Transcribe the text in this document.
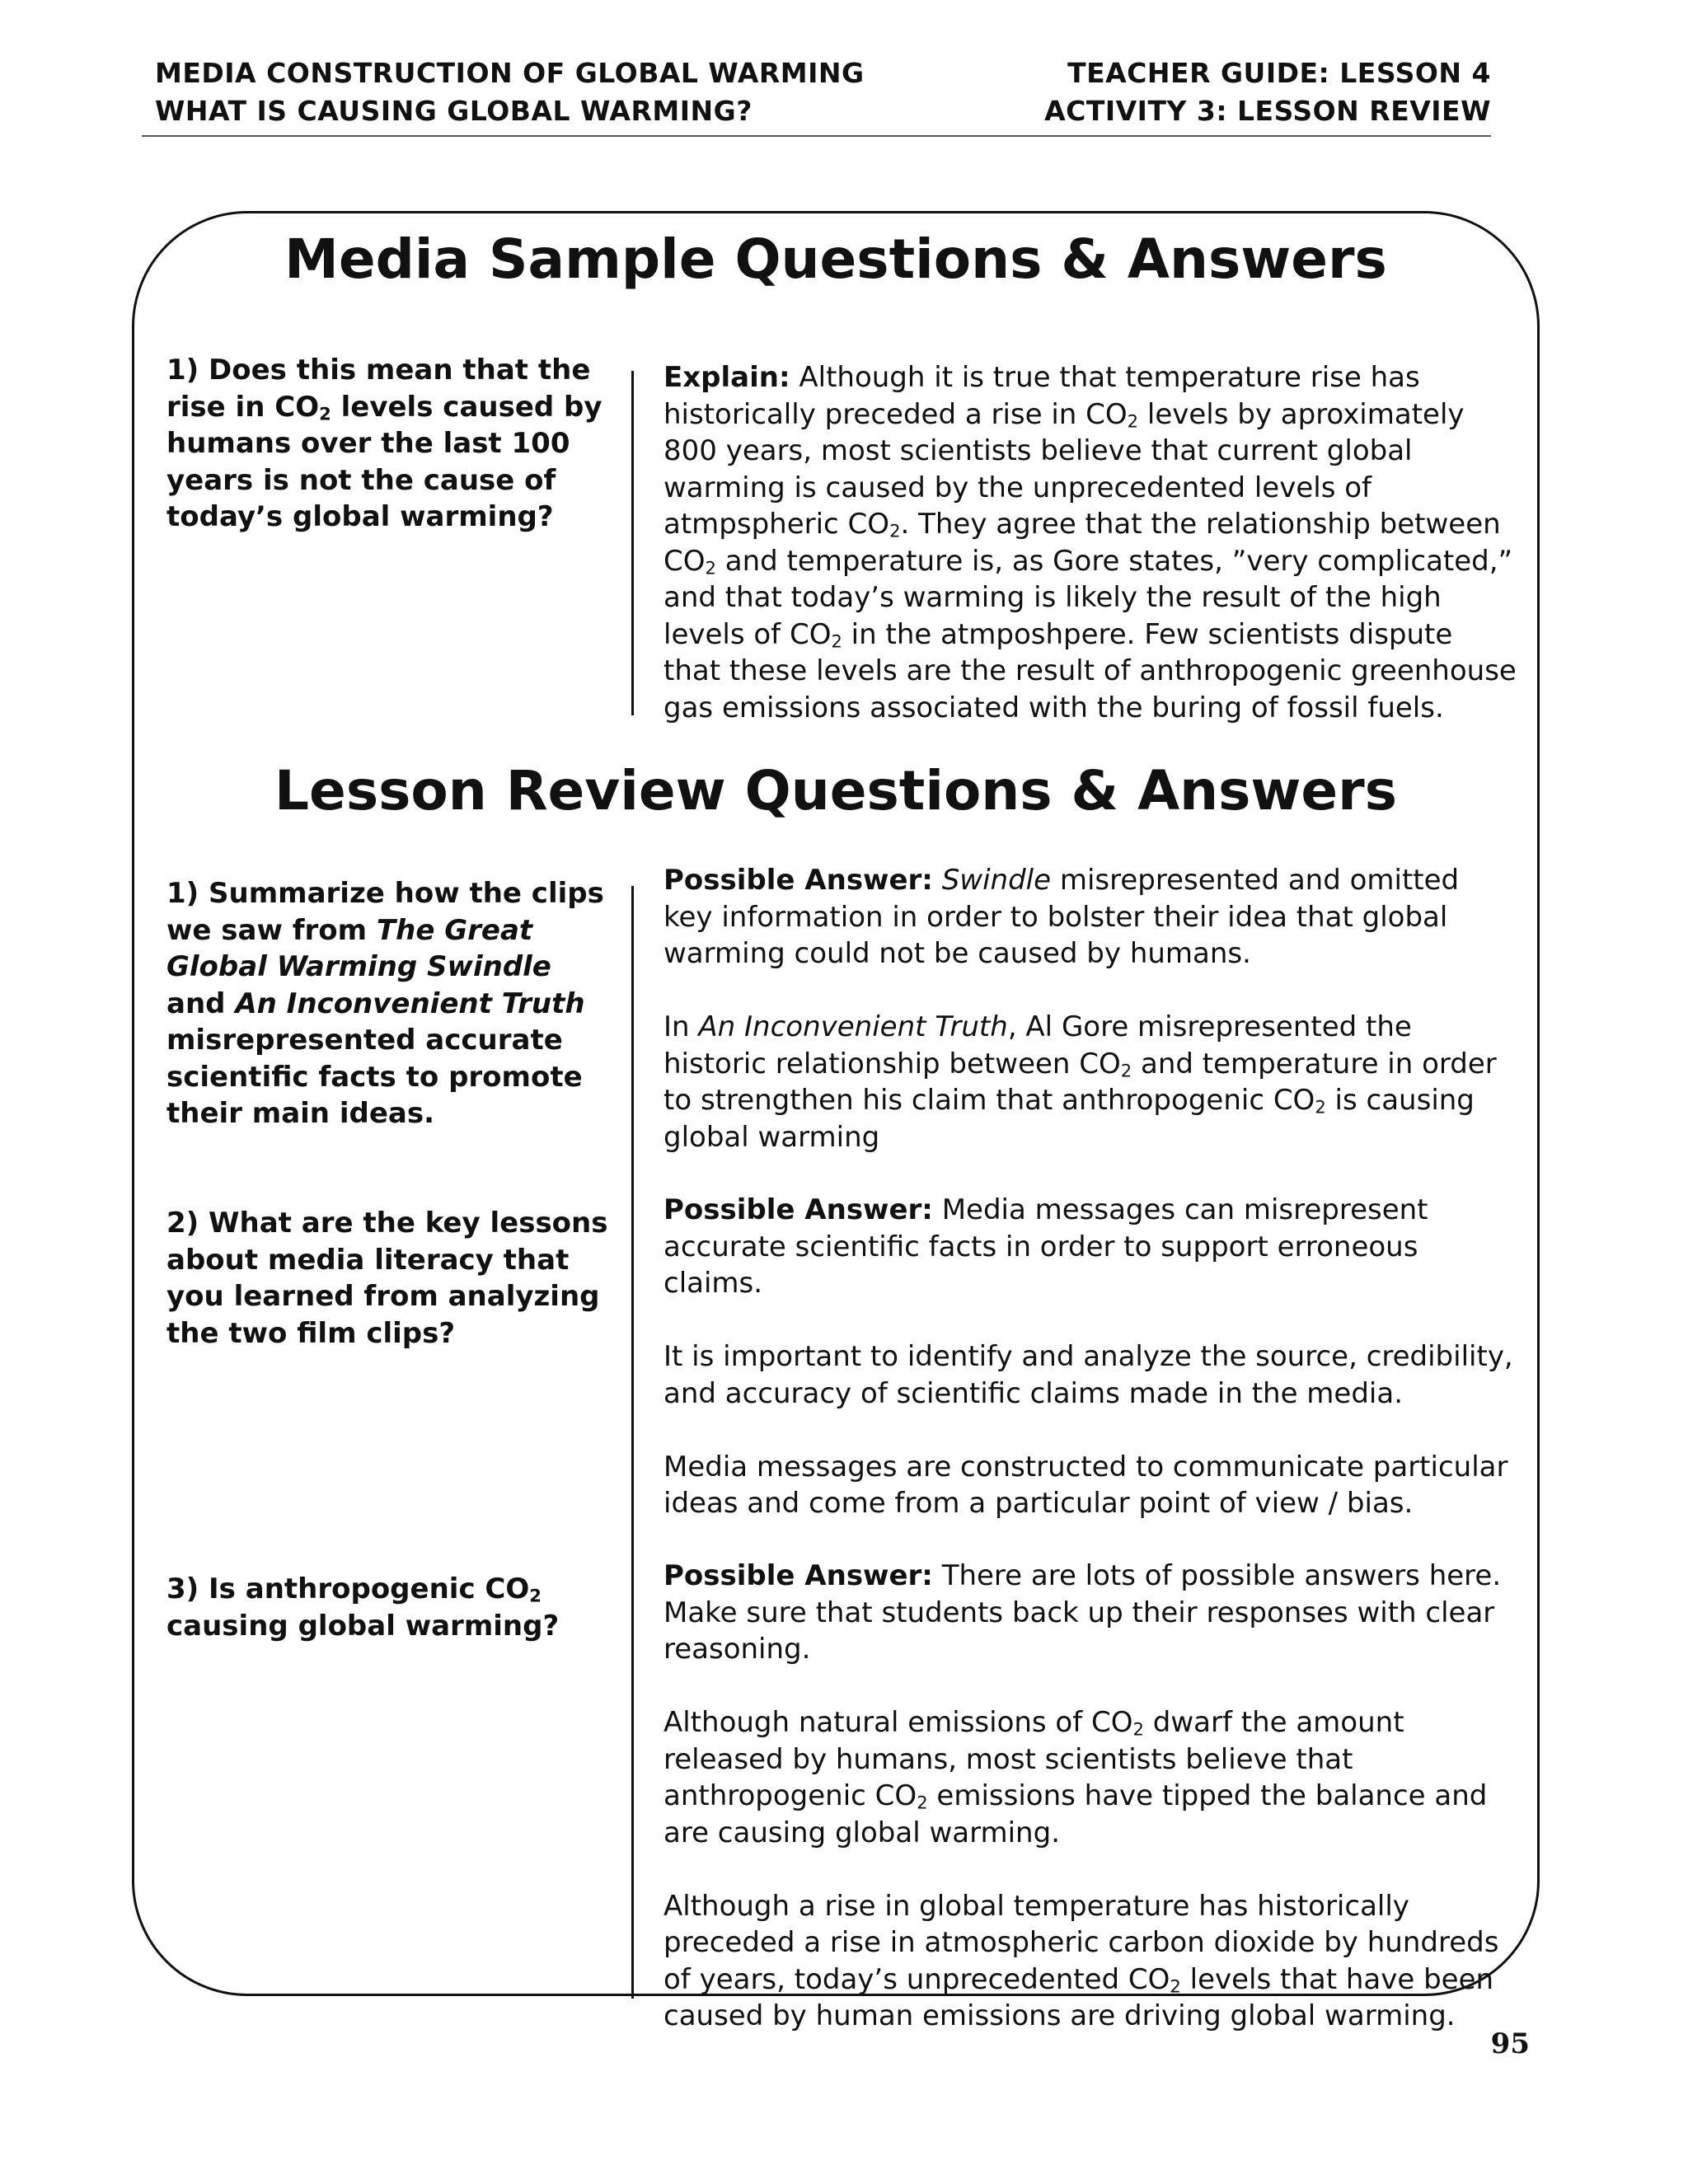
MEDIA CONSTRUCTION OF GLOBAL WARMING
WHAT IS CAUSING GLOBAL WARMING?
TEACHER GUIDE: LESSON 4
ACTIVITY 3: LESSON REVIEW
Media Sample Questions & Answers
1) Does this mean that the rise in $CO_2$ levels caused by humans over the last 100 years is not the cause of today’s global warming?

Explain: Although it is true that temperature rise has historically preceded a rise in $CO_2$ levels by aproximately 800 years, most scientists believe that current global warming is caused by the unprecedented levels of atmpspheric $CO_2$. They agree that the relationship between $CO_2$ and temperature is, as Gore states, ”very complicated,” and that today’s warming is likely the result of the high levels of $CO_2$ in the atmposhpere. Few scientists dispute that these levels are the result of anthropogenic greenhouse gas emissions associated with the buring of fossil fuels.

Lesson Review Questions & Answers
1) Summarize how the clips we saw from The Great Global Warming Swindle and An Inconvenient Truth misrepresented accurate scientific facts to promote their main ideas.

Possible Answer: Swindle misrepresented and omitted key information in order to bolster their idea that global warming could not be caused by humans.

In An Inconvenient Truth, Al Gore misrepresented the historic relationship between $CO_2$ and temperature in order to strengthen his claim that anthropogenic $CO_2$ is causing global warming

2) What are the key lessons about media literacy that you learned from analyzing the two film clips?

Possible Answer: Media messages can misrepresent accurate scientific facts in order to support erroneous claims.

It is important to identify and analyze the source, credibility, and accuracy of scientific claims made in the media.

Media messages are constructed to communicate particular ideas and come from a particular point of view / bias.

3) Is anthropogenic $CO_2$ causing global warming?

Possible Answer: There are lots of possible answers here. Make sure that students back up their responses with clear reasoning.

Although natural emissions of $CO_2$ dwarf the amount released by humans, most scientists believe that anthropogenic $CO_2$ emissions have tipped the balance and are causing global warming.

Although a rise in global temperature has historically preceded a rise in atmospheric carbon dioxide by hundreds of years, today’s unprecedented $CO_2$ levels that have been caused by human emissions are driving global warming.

95
